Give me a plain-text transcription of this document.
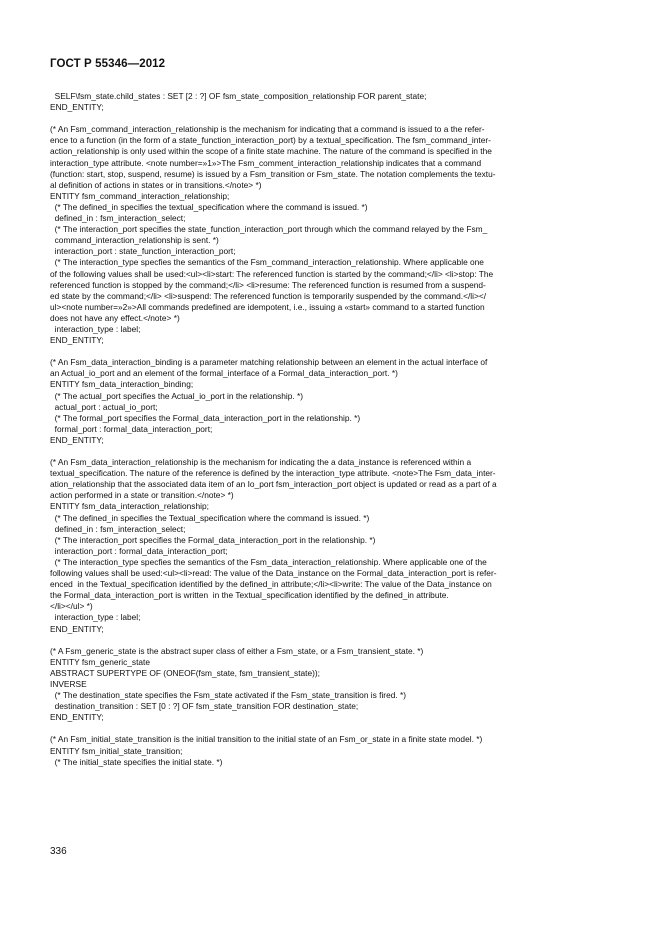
ГОСТ Р 55346—2012
SELF\fsm_state.child_states : SET [2 : ?] OF fsm_state_composition_relationship FOR parent_state;
END_ENTITY;
(* An Fsm_command_interaction_relationship is the mechanism for indicating that a command is issued to a the refer-
ence to a function (in the form of a state_function_interaction_port) by a textual_specification. The fsm_command_inter-
action_relationship is only used within the scope of a finite state machine. The nature of the command is specified in the
interaction_type attribute. <note number=»1»>The Fsm_comment_interaction_relationship indicates that a command
(function: start, stop, suspend, resume) is issued by a Fsm_transition or Fsm_state. The notation complements the textu-
al definition of actions in states or in transitions.</note> *)
ENTITY fsm_command_interaction_relationship;
(* The defined_in specifies the textual_specification where the command is issued. *)
defined_in : fsm_interaction_select;
(* The interaction_port specifies the state_function_interaction_port through which the command relayed by the Fsm_
command_interaction_relationship is sent. *)
interaction_port : state_function_interaction_port;
(* The interaction_type specfies the semantics of the Fsm_command_interaction_relationship. Where applicable one
of the following values shall be used:<ul><li>start: The referenced function is started by the command;</li> <li>stop: The
referenced function is stopped by the command;</li> <li>resume: The referenced function is resumed from a suspend-
ed state by the command;</li> <li>suspend: The referenced function is temporarily suspended by the command.</li></
ul><note number=»2»>All commands predefined are idempotent, i.e., issuing a «start» command to a started function
does not have any effect.</note> *)
interaction_type : label;
END_ENTITY;
(* An Fsm_data_interaction_binding is a parameter matching relationship between an element in the actual interface of
an Actual_io_port and an element of the formal_interface of a Formal_data_interaction_port. *)
ENTITY fsm_data_interaction_binding;
(* The actual_port specifies the Actual_io_port in the relationship. *)
actual_port : actual_io_port;
(* The formal_port specifies the Formal_data_interaction_port in the relationship. *)
formal_port : formal_data_interaction_port;
END_ENTITY;
(* An Fsm_data_interaction_relationship is the mechanism for indicating the a data_instance is referenced within a
textual_specification. The nature of the reference is defined by the interaction_type attribute. <note>The Fsm_data_inter-
ation_relationship that the associated data item of an Io_port fsm_interaction_port object is updated or read as a part of a
action performed in a state or transition.</note> *)
ENTITY fsm_data_interaction_relationship;
(* The defined_in specifies the Textual_specification where the command is issued. *)
defined_in : fsm_interaction_select;
(* The interaction_port specifies the Formal_data_interaction_port in the relationship. *)
interaction_port : formal_data_interaction_port;
(* The interaction_type specfies the semantics of the Fsm_data_interaction_relationship. Where applicable one of the
following values shall be used:<ul><li>read: The value of the Data_instance on the Formal_data_interaction_port is refer-
enced  in the Textual_specification identified by the defined_in attribute;</li><li>write: The value of the Data_instance on
the Formal_data_interaction_port is written  in the Textual_specification identified by the defined_in attribute.
</li></ul> *)
interaction_type : label;
END_ENTITY;
(* A Fsm_generic_state is the abstract super class of either a Fsm_state, or a Fsm_transient_state. *)
ENTITY fsm_generic_state
ABSTRACT SUPERTYPE OF (ONEOF(fsm_state, fsm_transient_state));
INVERSE
(* The destination_state specifies the Fsm_state activated if the Fsm_state_transition is fired. *)
destination_transition : SET [0 : ?] OF fsm_state_transition FOR destination_state;
END_ENTITY;
(* An Fsm_initial_state_transition is the initial transition to the initial state of an Fsm_or_state in a finite state model. *)
ENTITY fsm_initial_state_transition;
(* The initial_state specifies the initial state. *)
336
